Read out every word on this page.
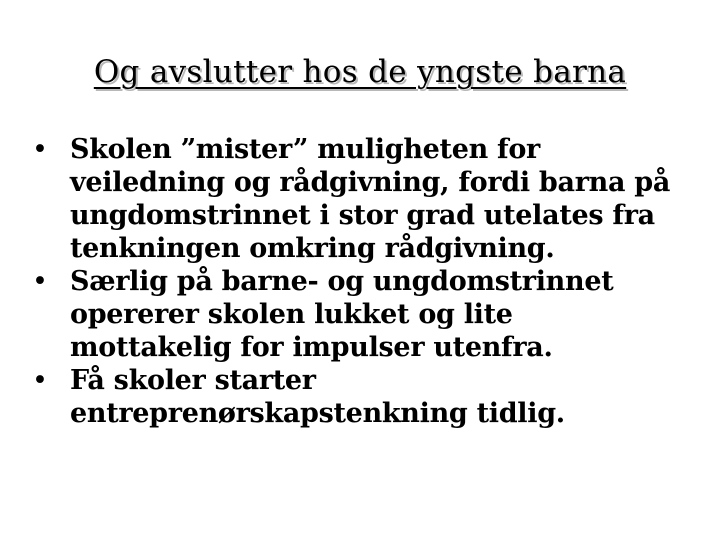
Og avslutter hos de yngste barna
• Skolen ”mister” muligheten for
veiledning og rådgivning, fordi barna på
ungdomstrinnet i stor grad utelates fra
tenkningen omkring rådgivning.
• Særlig på barne- og ungdomstrinnet
opererer skolen lukket og lite
mottakelig for impulser utenfra.
• Få skoler starter
entreprenørskapstenkning tidlig.
